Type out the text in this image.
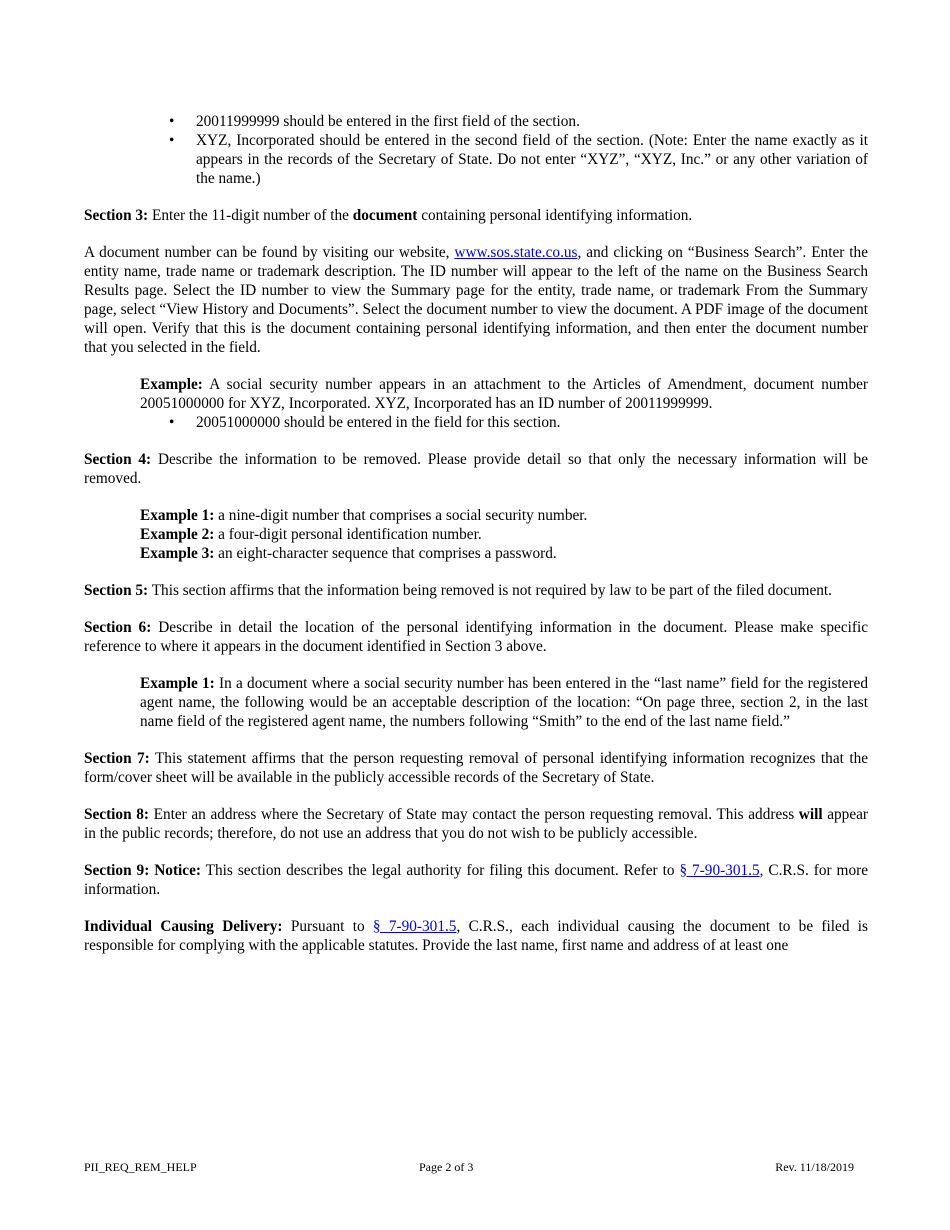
• 20011999999 should be entered in the first field of the section.
• XYZ, Incorporated should be entered in the second field of the section. (Note: Enter the name exactly as it appears in the records of the Secretary of State. Do not enter “XYZ”, “XYZ, Inc.” or any other variation of the name.)

Section 3: Enter the 11-digit number of the document containing personal identifying information.

A document number can be found by visiting our website, www.sos.state.co.us, and clicking on “Business Search”. Enter the entity name, trade name or trademark description. The ID number will appear to the left of the name on the Business Search Results page. Select the ID number to view the Summary page for the entity, trade name, or trademark From the Summary page, select “View History and Documents”. Select the document number to view the document. A PDF image of the document will open. Verify that this is the document containing personal identifying information, and then enter the document number that you selected in the field.

Example: A social security number appears in an attachment to the Articles of Amendment, document number 20051000000 for XYZ, Incorporated. XYZ, Incorporated has an ID number of 20011999999.

• 20051000000 should be entered in the field for this section.

Section 4: Describe the information to be removed. Please provide detail so that only the necessary information will be removed.

Example 1: a nine-digit number that comprises a social security number.
Example 2: a four-digit personal identification number.
Example 3: an eight-character sequence that comprises a password.

Section 5: This section affirms that the information being removed is not required by law to be part of the filed document.

Section 6: Describe in detail the location of the personal identifying information in the document. Please make specific reference to where it appears in the document identified in Section 3 above.

Example 1: In a document where a social security number has been entered in the “last name” field for the registered agent name, the following would be an acceptable description of the location: “On page three, section 2, in the last name field of the registered agent name, the numbers following “Smith” to the end of the last name field.”

Section 7: This statement affirms that the person requesting removal of personal identifying information recognizes that the form/cover sheet will be available in the publicly accessible records of the Secretary of State.

Section 8: Enter an address where the Secretary of State may contact the person requesting removal. This address will appear in the public records; therefore, do not use an address that you do not wish to be publicly accessible.

Section 9: Notice: This section describes the legal authority for filing this document. Refer to § 7-90-301.5, C.R.S. for more information.

Individual Causing Delivery: Pursuant to § 7-90-301.5, C.R.S., each individual causing the document to be filed is responsible for complying with the applicable statutes. Provide the last name, first name and address of at least one

PII_REQ_REM_HELP	Page 2 of 3	Rev. 11/18/2019
